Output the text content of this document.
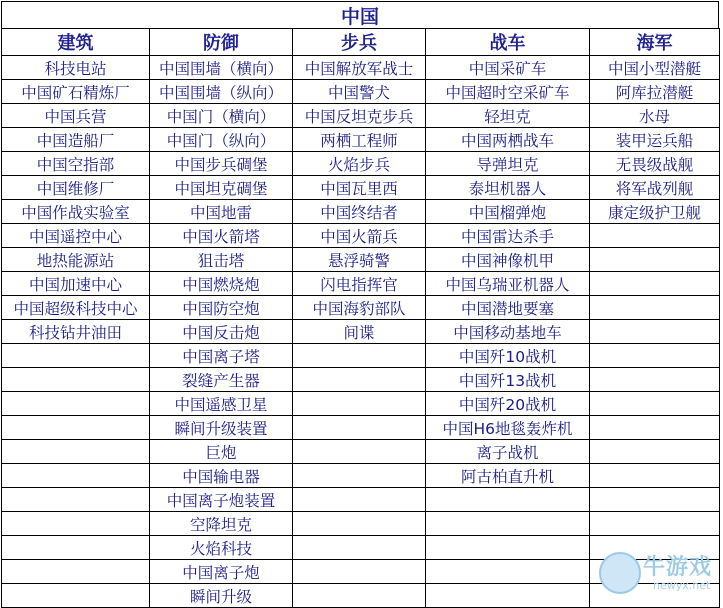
中国
建筑	防御	步兵	战车	海军
科技电站	中国围墙（横向）	中国解放军战士	中国采矿车	中国小型潜艇
中国矿石精炼厂	中国围墙（纵向）	中国警犬	中国超时空采矿车	阿库拉潜艇
中国兵营	中国门（横向）	中国反坦克步兵	轻坦克	水母
中国造船厂	中国门（纵向）	两栖工程师	中国两栖战车	装甲运兵船
中国空指部	中国步兵碉堡	火焰步兵	导弹坦克	无畏级战舰
中国维修厂	中国坦克碉堡	中国瓦里西	泰坦机器人	将军战列舰
中国作战实验室	中国地雷	中国终结者	中国榴弹炮	康定级护卫舰
中国遥控中心	中国火箭塔	中国火箭兵	中国雷达杀手	
地热能源站	狙击塔	悬浮骑警	中国神像机甲	
中国加速中心	中国燃烧炮	闪电指挥官	中国乌瑞亚机器人	
中国超级科技中心	中国防空炮	中国海豹部队	中国潜地要塞	
科技钻井油田	中国反击炮	间谍	中国移动基地车	
	中国离子塔		中国歼10战机	
	裂缝产生器		中国歼13战机	
	中国遥感卫星		中国歼20战机	
	瞬间升级装置		中国H6地毯轰炸机	
	巨炮		离子战机	
	中国输电器		阿古柏直升机	
	中国离子炮装置			
	空降坦克			
	火焰科技			
	中国离子炮			
	瞬间升级			
牛游戏
newyx.net
